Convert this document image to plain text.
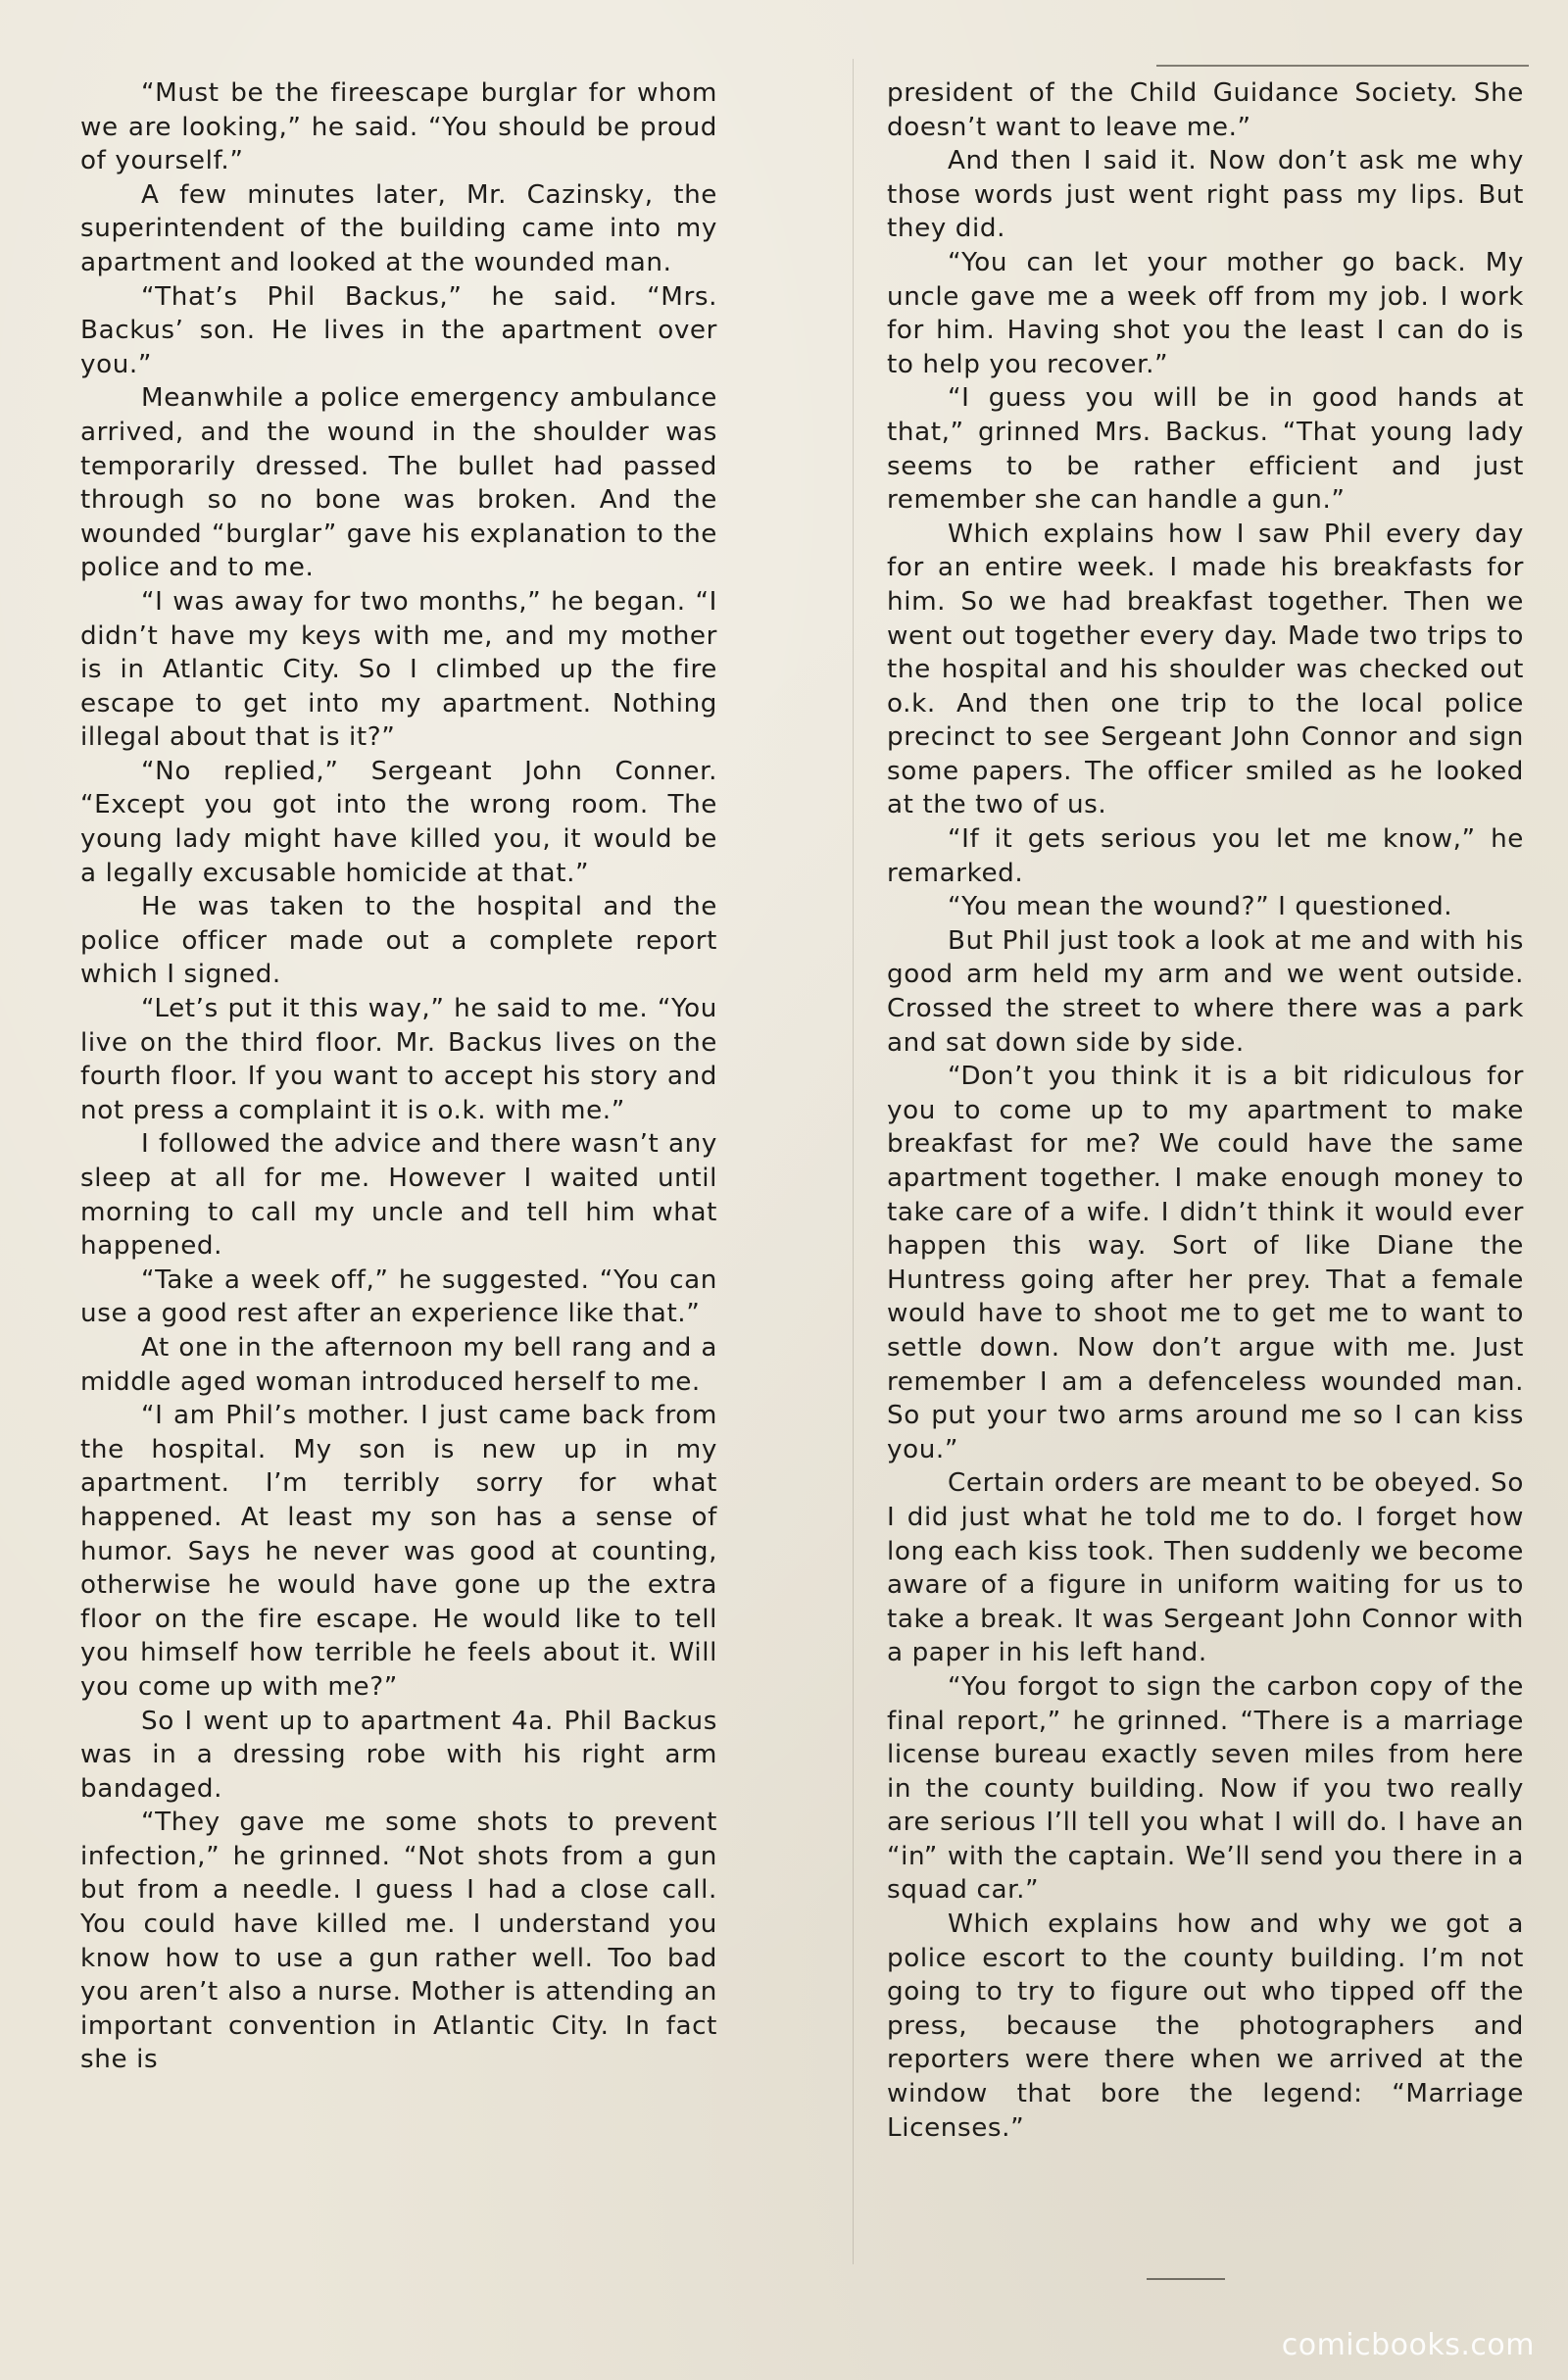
“Must be the fireescape burglar for whom we are looking,” he said. “You should be proud of yourself.”

A few minutes later, Mr. Cazinsky, the superintendent of the building came into my apartment and looked at the wounded man.

“That’s Phil Backus,” he said. “Mrs. Backus’ son. He lives in the apartment over you.”

Meanwhile a police emergency ambulance arrived, and the wound in the shoulder was temporarily dressed. The bullet had passed through so no bone was broken. And the wounded “burglar” gave his explanation to the police and to me.

“I was away for two months,” he began. “I didn’t have my keys with me, and my mother is in Atlantic City. So I climbed up the fire escape to get into my apartment. Nothing illegal about that is it?”

“No replied,” Sergeant John Conner. “Except you got into the wrong room. The young lady might have killed you, it would be a legally excusable homicide at that.”

He was taken to the hospital and the police officer made out a complete report which I signed.

“Let’s put it this way,” he said to me. “You live on the third floor. Mr. Backus lives on the fourth floor. If you want to accept his story and not press a complaint it is o.k. with me.”

I followed the advice and there wasn’t any sleep at all for me. However I waited until morning to call my uncle and tell him what happened.

“Take a week off,” he suggested. “You can use a good rest after an experience like that.”

At one in the afternoon my bell rang and a middle aged woman introduced herself to me.

“I am Phil’s mother. I just came back from the hospital. My son is new up in my apartment. I’m terribly sorry for what happened. At least my son has a sense of humor. Says he never was good at counting, otherwise he would have gone up the extra floor on the fire escape. He would like to tell you himself how terrible he feels about it. Will you come up with me?”

So I went up to apartment 4a. Phil Backus was in a dressing robe with his right arm bandaged.

“They gave me some shots to prevent infection,” he grinned. “Not shots from a gun but from a needle. I guess I had a close call. You could have killed me. I understand you know how to use a gun rather well. Too bad you aren’t also a nurse. Mother is attending an important convention in Atlantic City. In fact she is

president of the Child Guidance Society. She doesn’t want to leave me.”

And then I said it. Now don’t ask me why those words just went right pass my lips. But they did.

“You can let your mother go back. My uncle gave me a week off from my job. I work for him. Having shot you the least I can do is to help you recover.”

“I guess you will be in good hands at that,” grinned Mrs. Backus. “That young lady seems to be rather efficient and just remember she can handle a gun.”

Which explains how I saw Phil every day for an entire week. I made his breakfasts for him. So we had breakfast together. Then we went out together every day. Made two trips to the hospital and his shoulder was checked out o.k. And then one trip to the local police precinct to see Sergeant John Connor and sign some papers. The officer smiled as he looked at the two of us.

“If it gets serious you let me know,” he remarked.

“You mean the wound?” I questioned.

But Phil just took a look at me and with his good arm held my arm and we went outside. Crossed the street to where there was a park and sat down side by side.

“Don’t you think it is a bit ridiculous for you to come up to my apartment to make breakfast for me? We could have the same apartment together. I make enough money to take care of a wife. I didn’t think it would ever happen this way. Sort of like Diane the Huntress going after her prey. That a female would have to shoot me to get me to want to settle down. Now don’t argue with me. Just remember I am a defenceless wounded man. So put your two arms around me so I can kiss you.”

Certain orders are meant to be obeyed. So I did just what he told me to do. I forget how long each kiss took. Then suddenly we become aware of a figure in uniform waiting for us to take a break. It was Sergeant John Connor with a paper in his left hand.

“You forgot to sign the carbon copy of the final report,” he grinned. “There is a marriage license bureau exactly seven miles from here in the county building. Now if you two really are serious I’ll tell you what I will do. I have an “in” with the captain. We’ll send you there in a squad car.”

Which explains how and why we got a police escort to the county building. I’m not going to try to figure out who tipped off the press, because the photographers and reporters were there when we arrived at the window that bore the legend: “Marriage Licenses.”

comicbooks.com
